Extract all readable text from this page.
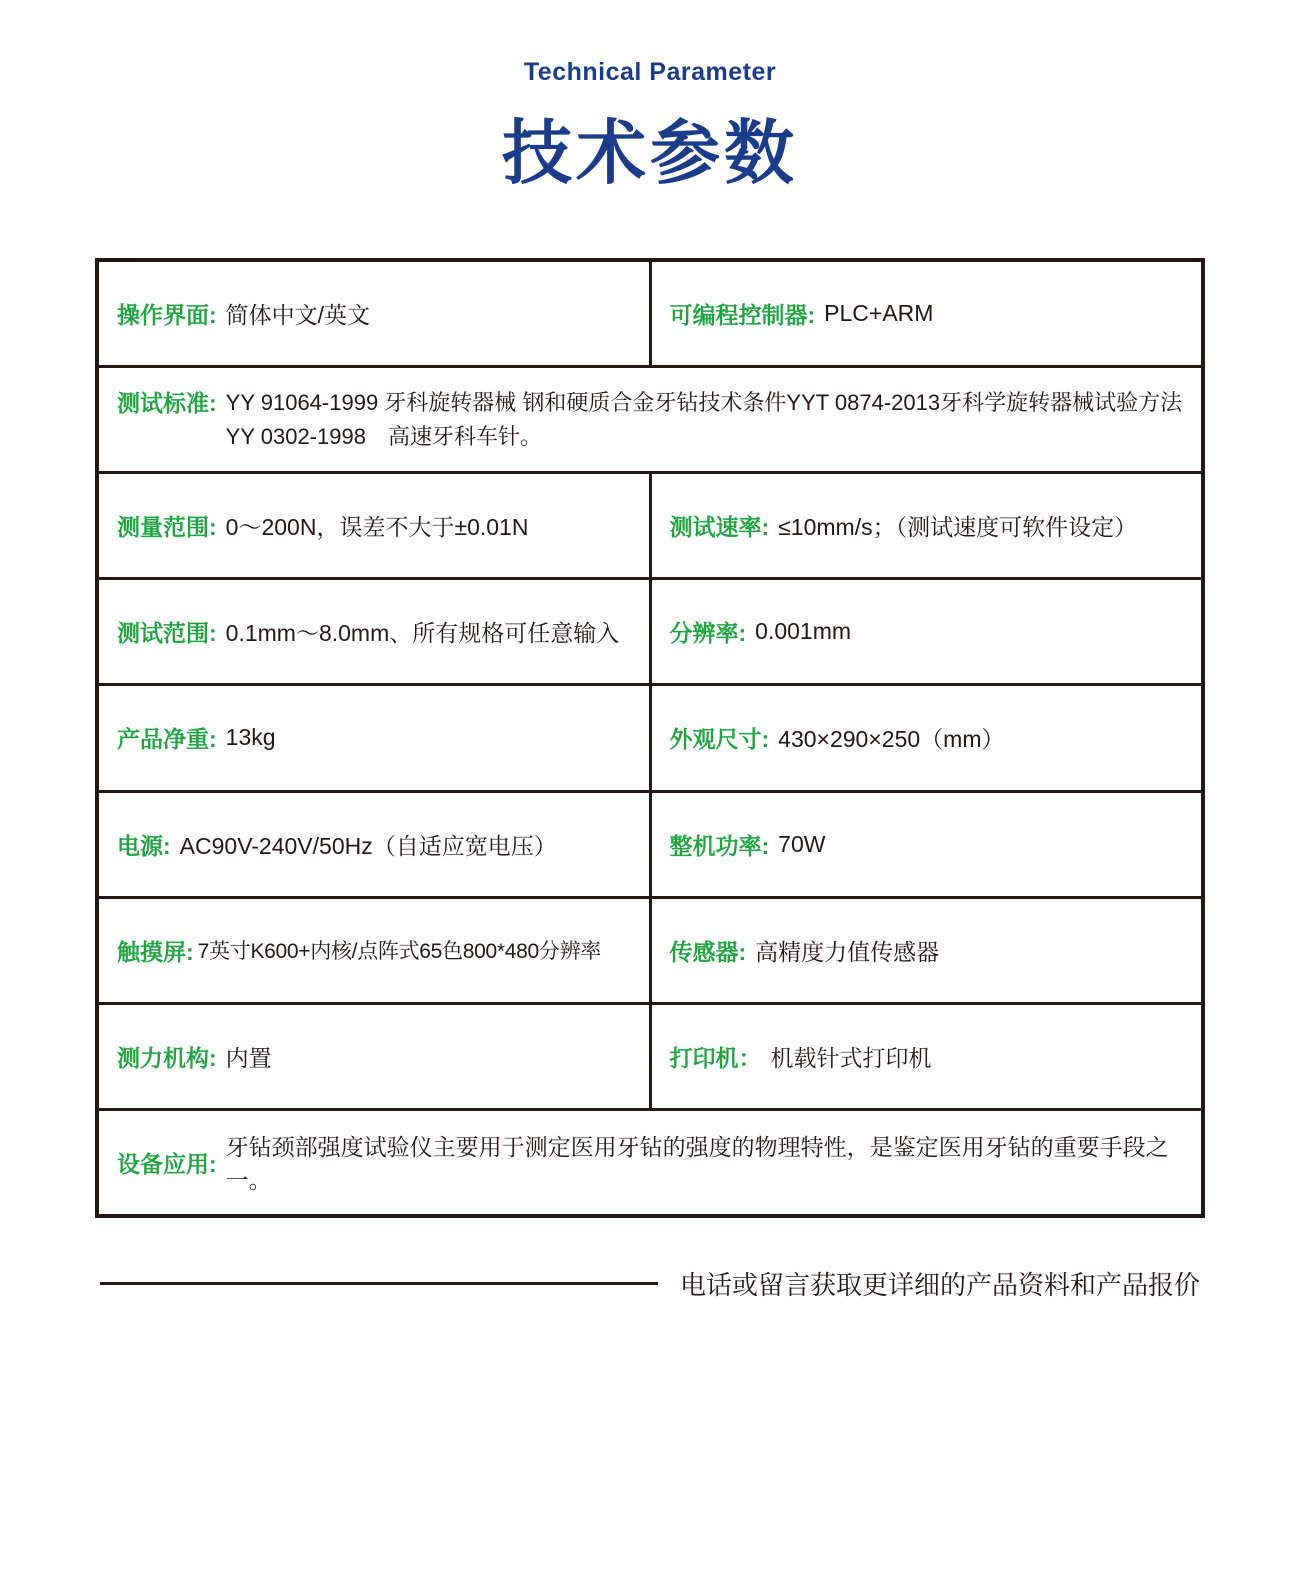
Technical Parameter
技术参数
操作界面: 简体中文/英文	可编程控制器: PLC+ARM
测试标准: YY 91064-1999 牙科旋转器械 钢和硬质合金牙钻技术条件YYT 0874-2013牙科学旋转器械试验方法
YY 0302-1998　高速牙科车针。
测量范围: 0～200N，误差不大于±0.01N	测试速率: ≤10mm/s；（测试速度可软件设定）
测试范围: 0.1mm～8.0mm、所有规格可任意输入 分辨率: 0.001mm
产品净重: 13kg	外观尺寸: 430×290×250（mm）
电源: AC90V-240V/50Hz（自适应宽电压）	整机功率: 70W
触摸屏: 7英寸K600+内核/点阵式65色800*480分辨率	传感器: 高精度力值传感器
测力机构: 内置	打印机： 机载针式打印机
设备应用:
牙钻颈部强度试验仪主要用于测定医用牙钻的强度的物理特性，是鉴定医用牙钻的重要手段之一。
电话或留言获取更详细的产品资料和产品报价
